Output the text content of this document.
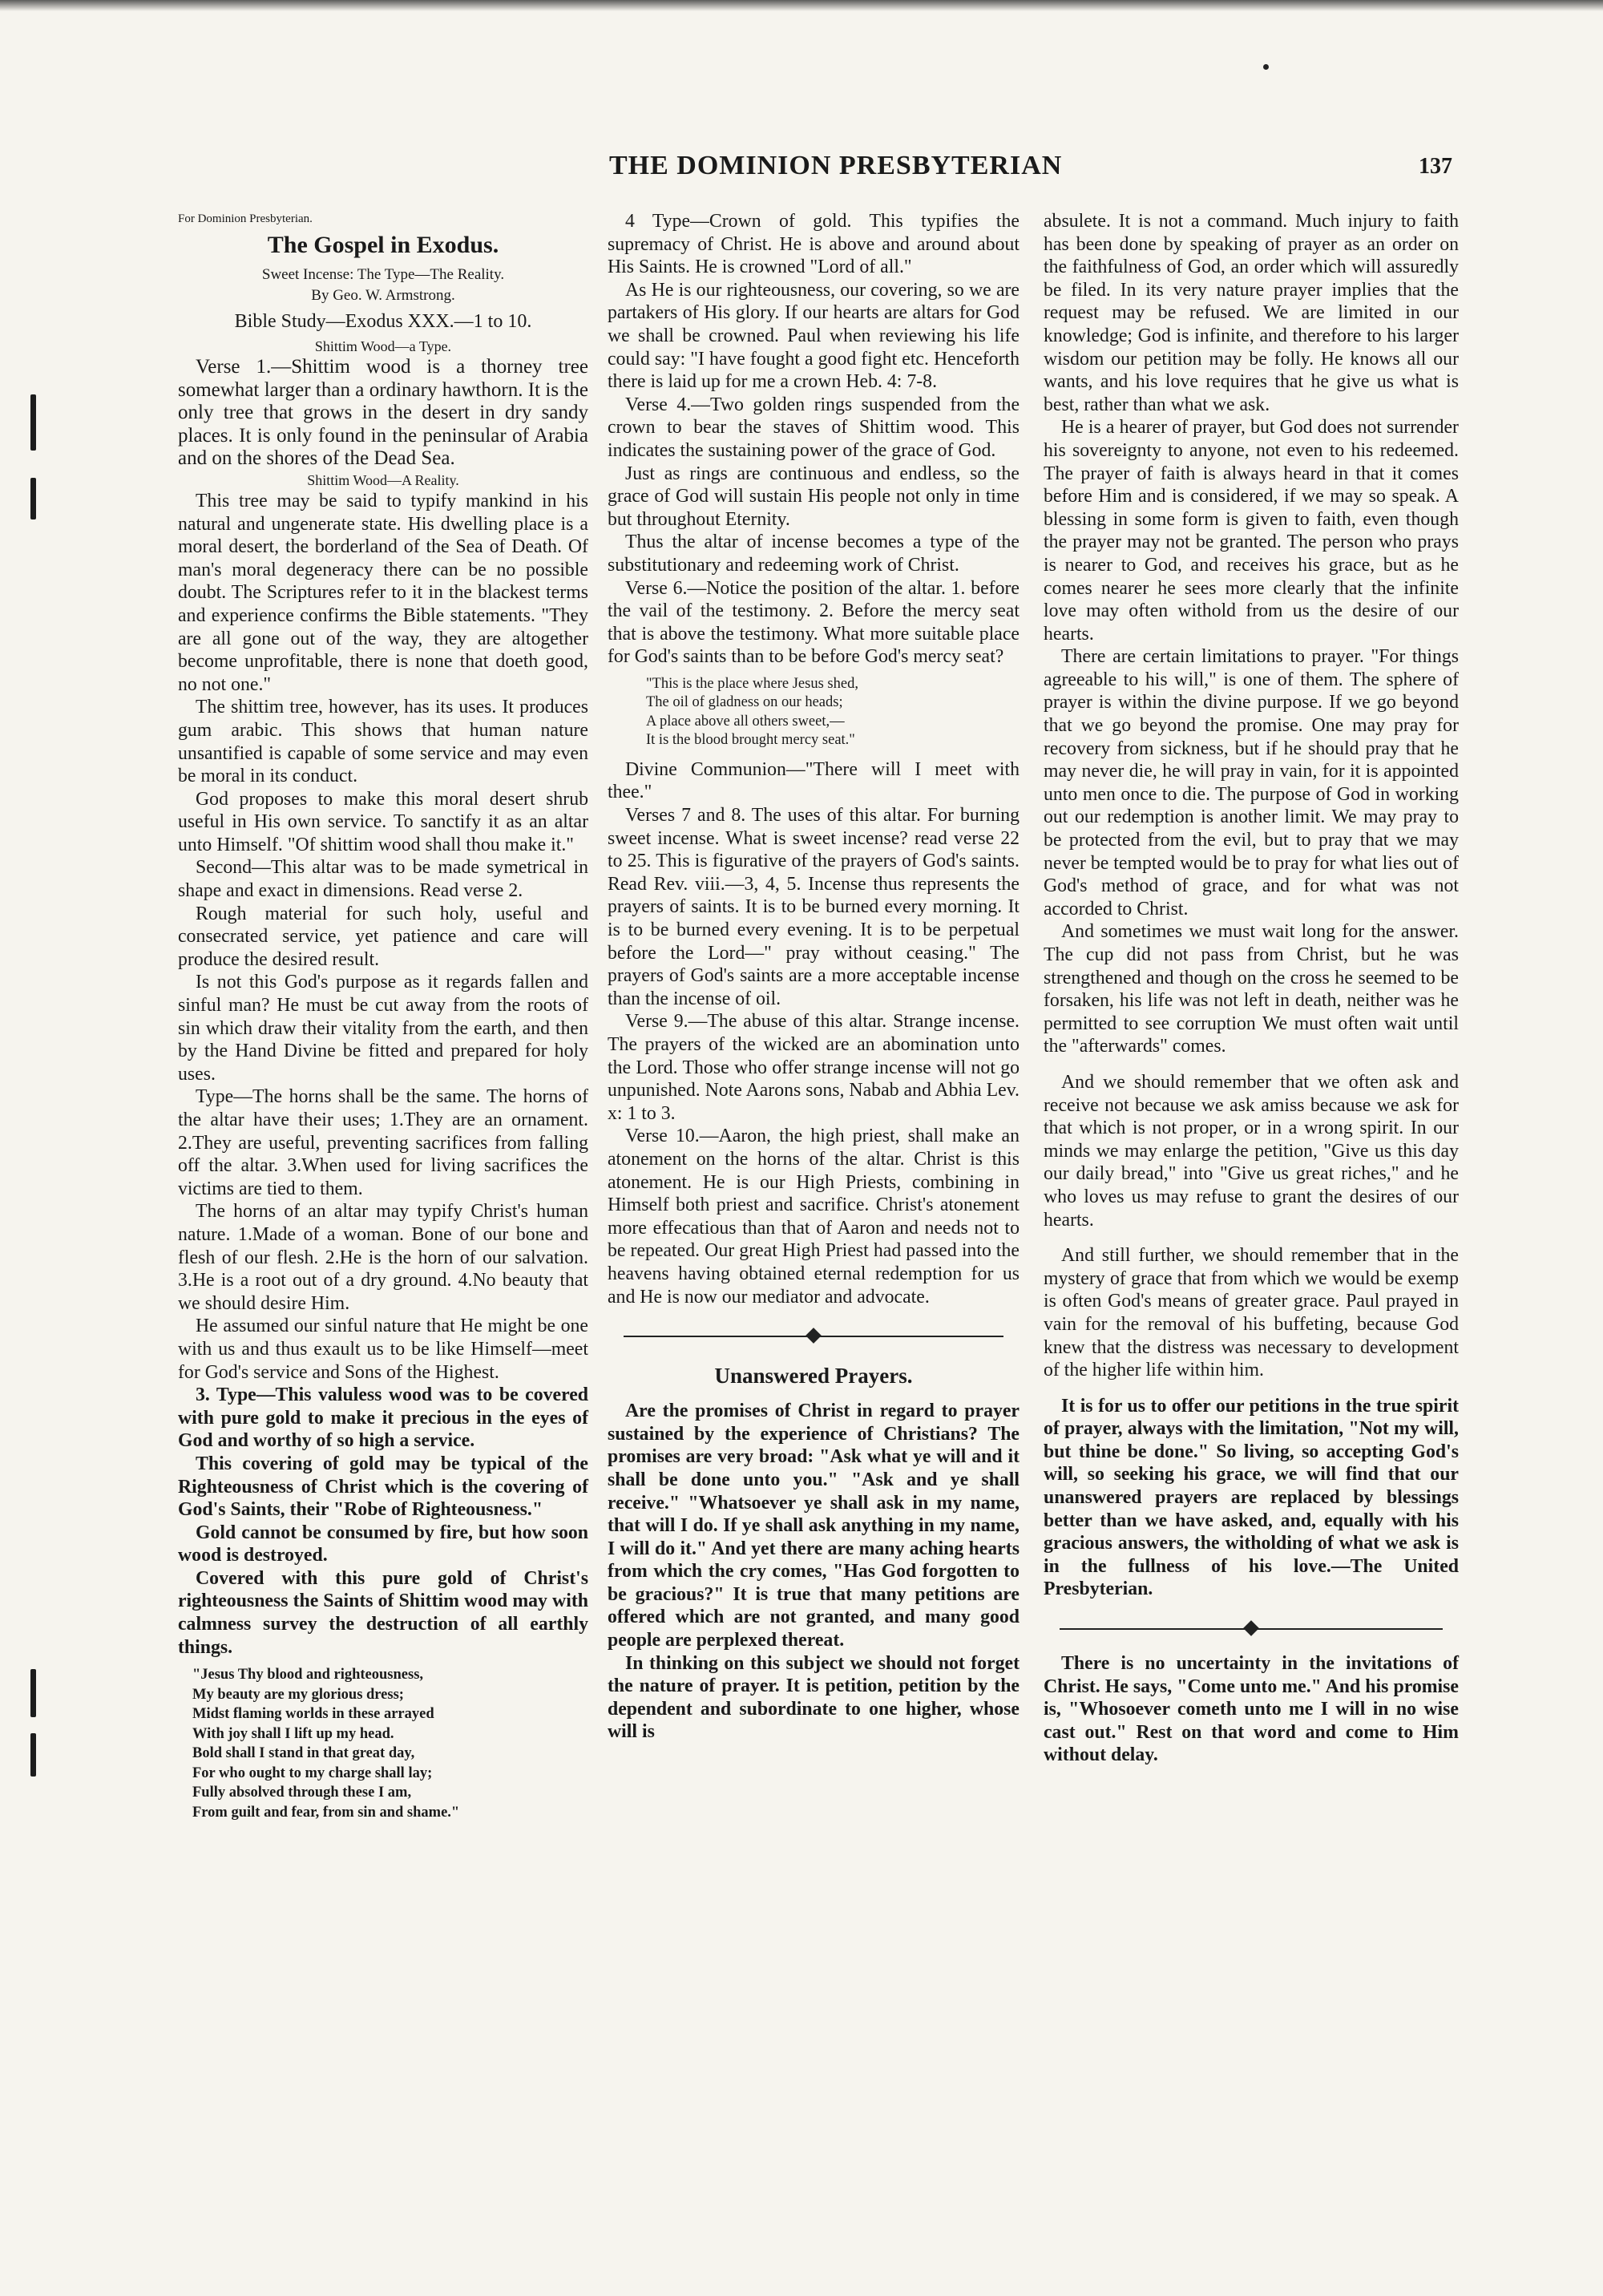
THE DOMINION PRESBYTERIAN	137

For Dominion Presbyterian.

The Gospel in Exodus.
Sweet Incense: The Type—The Reality.
By Geo. W. Armstrong.
Bible Study—Exodus XXX.—1 to 10.
Shittim Wood—a Type.

Verse 1.—Shittim wood is a thorney tree somewhat larger than a ordinary hawthorn. It is the only tree that grows in the desert in dry sandy places. It is only found in the peninsular of Arabia and on the shores of the Dead Sea.

Shittim Wood—A Reality.

This tree may be said to typify mankind in his natural and ungenerate state. His dwelling place is a moral desert, the borderland of the Sea of Death. Of man's moral degeneracy there can be no possible doubt. The Scriptures refer to it in the blackest terms and experience confirms the Bible statements. "They are all gone out of the way, they are altogether become unprofitable, there is none that doeth good, no not one."

The shittim tree, however, has its uses. It produces gum arabic. This shows that human nature unsantified is capable of some service and may even be moral in its conduct.

God proposes to make this moral desert shrub useful in His own service. To sanctify it as an altar unto Himself. "Of shittim wood shall thou make it."

Second—This altar was to be made symetrical in shape and exact in dimensions. Read verse 2.

Rough material for such holy, useful and consecrated service, yet patience and care will produce the desired result.

Is not this God's purpose as it regards fallen and sinful man? He must be cut away from the roots of sin which draw their vitality from the earth, and then by the Hand Divine be fitted and prepared for holy uses.

Type—The horns shall be the same. The horns of the altar have their uses; 1.They are an ornament. 2.They are useful, preventing sacrifices from falling off the altar. 3.When used for living sacrifices the victims are tied to them.

The horns of an altar may typify Christ's human nature. 1.Made of a woman. Bone of our bone and flesh of our flesh. 2.He is the horn of our salvation. 3.He is a root out of a dry ground. 4.No beauty that we should desire Him.

He assumed our sinful nature that He might be one with us and thus exault us to be like Himself—meet for God's service and Sons of the Highest.

3. Type—This valuless wood was to be covered with pure gold to make it precious in the eyes of God and worthy of so high a service.

This covering of gold may be typical of the Righteousness of Christ which is the covering of God's Saints, their "Robe of Righteousness."

Gold cannot be consumed by fire, but how soon wood is destroyed.

Covered with this pure gold of Christ's righteousness the Saints of Shittim wood may with calmness survey the destruction of all earthly things.

"Jesus Thy blood and righteousness,
My beauty are my glorious dress;
Midst flaming worlds in these arrayed
With joy shall I lift up my head.
Bold shall I stand in that great day,
For who ought to my charge shall lay;
Fully absolved through these I am,
From guilt and fear, from sin and shame."

4 Type—Crown of gold. This typifies the supremacy of Christ. He is above and around about His Saints. He is crowned "Lord of all."

As He is our righteousness, our covering, so we are partakers of His glory. If our hearts are altars for God we shall be crowned. Paul when reviewing his life could say: "I have fought a good fight etc. Henceforth there is laid up for me a crown Heb. 4: 7-8.

Verse 4.—Two golden rings suspended from the crown to bear the staves of Shittim wood. This indicates the sustaining power of the grace of God.

Just as rings are continuous and endless, so the grace of God will sustain His people not only in time but throughout Eternity.

Thus the altar of incense becomes a type of the substitutionary and redeeming work of Christ.

Verse 6.—Notice the position of the altar. 1. before the vail of the testimony. 2. Before the mercy seat that is above the testimony. What more suitable place for God's saints than to be before God's mercy seat?

"This is the place where Jesus shed,
The oil of gladness on our heads;
A place above all others sweet,—
It is the blood brought mercy seat."

Divine Communion—"There will I meet with thee."

Verses 7 and 8. The uses of this altar. For burning sweet incense. What is sweet incense? read verse 22 to 25. This is figurative of the prayers of God's saints. Read Rev. viii.—3, 4, 5. Incense thus represents the prayers of saints. It is to be burned every morning. It is to be burned every evening. It is to be perpetual before the Lord—" pray without ceasing." The prayers of God's saints are a more acceptable incense than the incense of oil.

Verse 9.—The abuse of this altar. Strange incense. The prayers of the wicked are an abomination unto the Lord. Those who offer strange incense will not go unpunished. Note Aarons sons, Nabab and Abhia Lev. x: 1 to 3.

Verse 10.—Aaron, the high priest, shall make an atonement on the horns of the altar. Christ is this atonement. He is our High Priests, combining in Himself both priest and sacrifice. Christ's atonement more effecatious than that of Aaron and needs not to be repeated. Our great High Priest had passed into the heavens having obtained eternal redemption for us and He is now our mediator and advocate.

Unanswered Prayers.

Are the promises of Christ in regard to prayer sustained by the experience of Christians? The promises are very broad: "Ask what ye will and it shall be done unto you." "Ask and ye shall receive." "Whatsoever ye shall ask in my name, that will I do. If ye shall ask anything in my name, I will do it." And yet there are many aching hearts from which the cry comes, "Has God forgotten to be gracious?" It is true that many petitions are offered which are not granted, and many good people are perplexed thereat.

In thinking on this subject we should not forget the nature of prayer. It is petition, petition by the dependent and subordinate to one higher, whose will is

absulete. It is not a command. Much injury to faith has been done by speaking of prayer as an order on the faithfulness of God, an order which will assuredly be filed. In its very nature prayer implies that the request may be refused. We are limited in our knowledge; God is infinite, and therefore to his larger wisdom our petition may be folly. He knows all our wants, and his love requires that he give us what is best, rather than what we ask.

He is a hearer of prayer, but God does not surrender his sovereignty to anyone, not even to his redeemed. The prayer of faith is always heard in that it comes before Him and is considered, if we may so speak. A blessing in some form is given to faith, even though the prayer may not be granted. The person who prays is nearer to God, and receives his grace, but as he comes nearer he sees more clearly that the infinite love may often withold from us the desire of our hearts.

There are certain limitations to prayer. "For things agreeable to his will," is one of them. The sphere of prayer is within the divine purpose. If we go beyond that we go beyond the promise. One may pray for recovery from sickness, but if he should pray that he may never die, he will pray in vain, for it is appointed unto men once to die. The purpose of God in working out our redemption is another limit. We may pray to be protected from the evil, but to pray that we may never be tempted would be to pray for what lies out of God's method of grace, and for what was not accorded to Christ.

And sometimes we must wait long for the answer. The cup did not pass from Christ, but he was strengthened and though on the cross he seemed to be forsaken, his life was not left in death, neither was he permitted to see corruption We must often wait until the "afterwards" comes.

And we should remember that we often ask and receive not because we ask amiss because we ask for that which is not proper, or in a wrong spirit. In our minds we may enlarge the petition, "Give us this day our daily bread," into "Give us great riches," and he who loves us may refuse to grant the desires of our hearts.

And still further, we should remember that in the mystery of grace that from which we would be exemp is often God's means of greater grace. Paul prayed in vain for the removal of his buffeting, because God knew that the distress was necessary to development of the higher life within him.

It is for us to offer our petitions in the true spirit of prayer, always with the limitation, "Not my will, but thine be done." So living, so accepting God's will, so seeking his grace, we will find that our unanswered prayers are replaced by blessings better than we have asked, and, equally with his gracious answers, the witholding of what we ask is in the fullness of his love.—The United Presbyterian.

There is no uncertainty in the invitations of Christ. He says, "Come unto me." And his promise is, "Whosoever cometh unto me I will in no wise cast out." Rest on that word and come to Him without delay.
